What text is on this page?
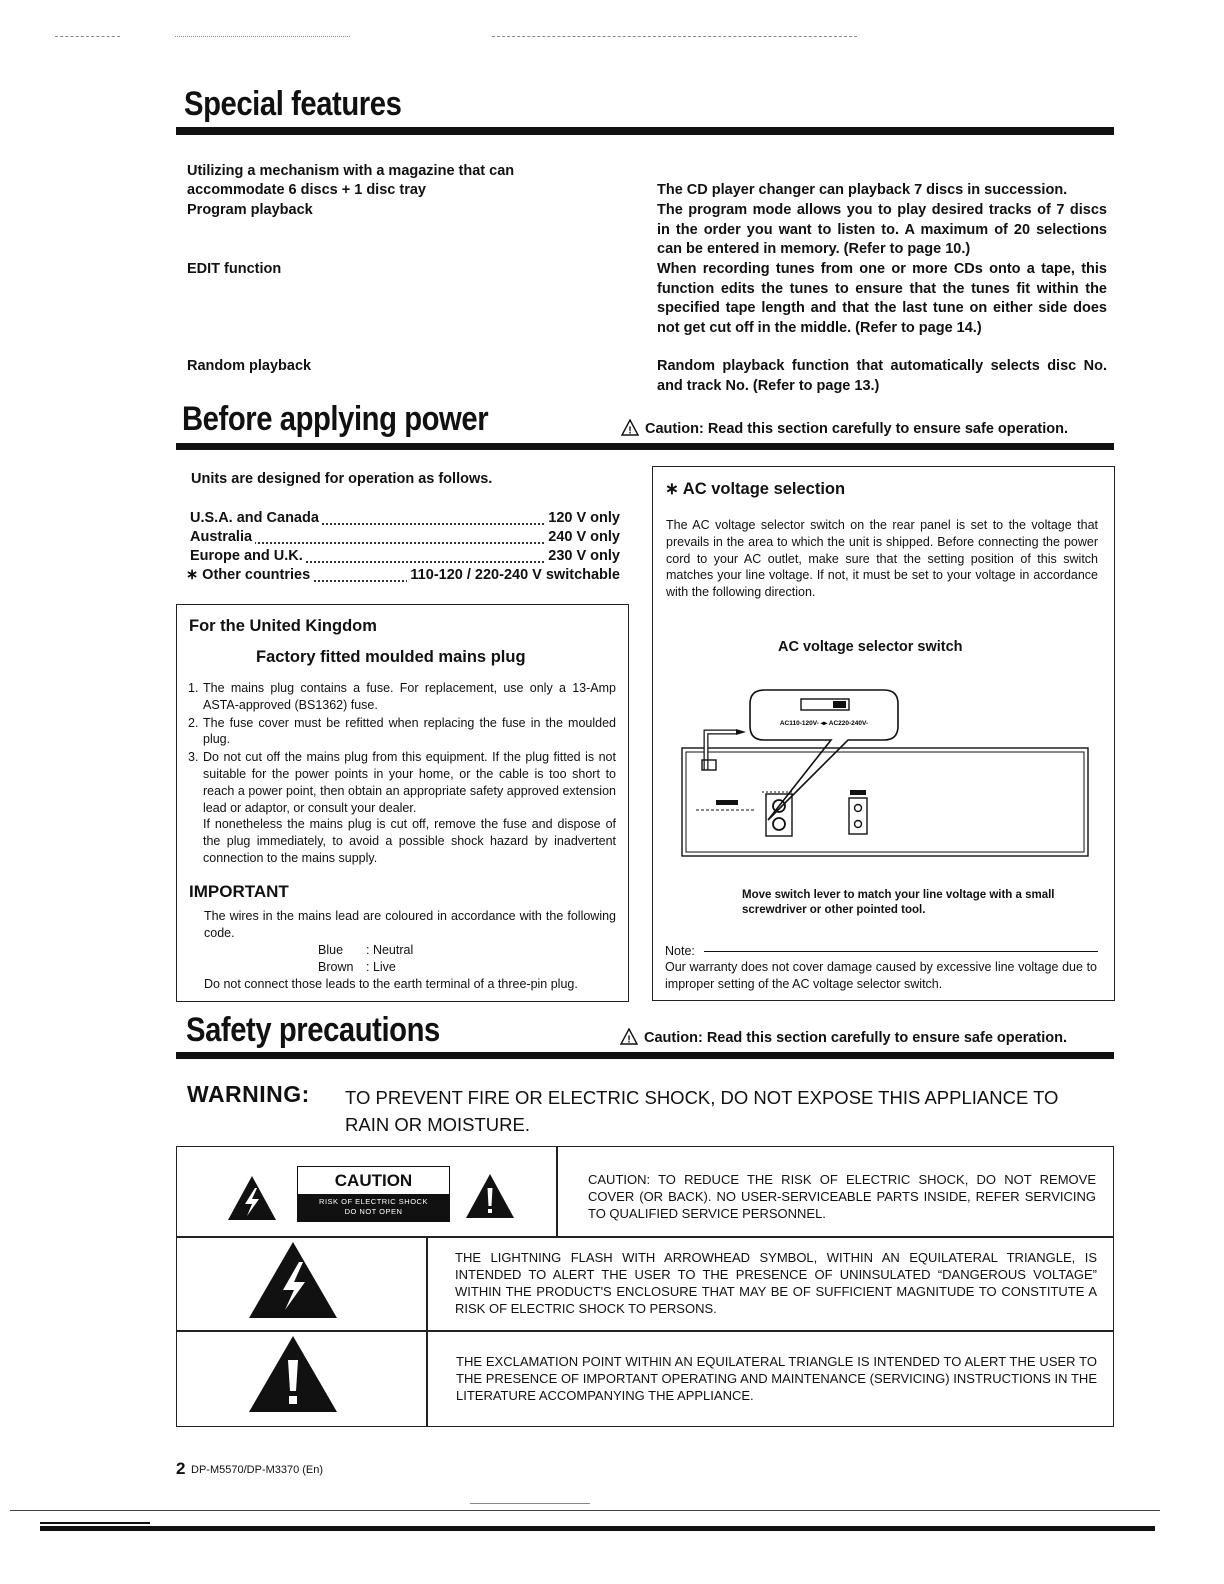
Special features
Utilizing a mechanism with a magazine that can
accommodate 6 discs + 1 disc tray	The CD player changer can playback 7 discs in succession.
Program playback	The program mode allows you to play desired tracks of 7 discs in the order you want to listen to. A maximum of 20 selections can be entered in memory. (Refer to page 10.)
EDIT function	When recording tunes from one or more CDs onto a tape, this function edits the tunes to ensure that the tunes fit within the specified tape length and that the last tune on either side does not get cut off in the middle. (Refer to page 14.)
Random playback	Random playback function that automatically selects disc No. and track No. (Refer to page 13.)
Before applying power	! Caution: Read this section carefully to ensure safe operation.
Units are designed for operation as follows.
U.S.A. and Canada	120 V only
Australia	240 V only
Europe and U.K.	230 V only
∗ Other countries	110-120 / 220-240 V switchable
For the United Kingdom
Factory fitted moulded mains plug
1. The mains plug contains a fuse. For replacement, use only a 13-Amp ASTA-approved (BS1362) fuse.
2. The fuse cover must be refitted when replacing the fuse in the moulded plug.
3. Do not cut off the mains plug from this equipment. If the plug fitted is not suitable for the power points in your home, or the cable is too short to reach a power point, then obtain an appropriate safety approved extension lead or adaptor, or consult your dealer.
If nonetheless the mains plug is cut off, remove the fuse and dispose of the plug immediately, to avoid a possible shock hazard by inadvertent connection to the mains supply.
IMPORTANT
The wires in the mains lead are coloured in accordance with the following code.
Blue : Neutral
Brown : Live
Do not connect those leads to the earth terminal of a three-pin plug.
∗ AC voltage selection
The AC voltage selector switch on the rear panel is set to the voltage that prevails in the area to which the unit is shipped. Before connecting the power cord to your AC outlet, make sure that the setting position of this switch matches your line voltage. If not, it must be set to your voltage in accordance with the following direction.
AC voltage selector switch
AC110-120V- ◂▸ AC220-240V-
Move switch lever to match your line voltage with a small screwdriver or other pointed tool.
Note:
Our warranty does not cover damage caused by excessive line voltage due to improper setting of the AC voltage selector switch.
Safety precautions	! Caution: Read this section carefully to ensure safe operation.
WARNING: TO PREVENT FIRE OR ELECTRIC SHOCK, DO NOT EXPOSE THIS APPLIANCE TO RAIN OR MOISTURE.
CAUTION
RISK OF ELECTRIC SHOCK
DO NOT OPEN
CAUTION: TO REDUCE THE RISK OF ELECTRIC SHOCK, DO NOT REMOVE COVER (OR BACK). NO USER-SERVICEABLE PARTS INSIDE, REFER SERVICING TO QUALIFIED SERVICE PERSONNEL.
THE LIGHTNING FLASH WITH ARROWHEAD SYMBOL, WITHIN AN EQUILATERAL TRIANGLE, IS INTENDED TO ALERT THE USER TO THE PRESENCE OF UNINSULATED “DANGEROUS VOLTAGE” WITHIN THE PRODUCT'S ENCLOSURE THAT MAY BE OF SUFFICIENT MAGNITUDE TO CONSTITUTE A RISK OF ELECTRIC SHOCK TO PERSONS.
THE EXCLAMATION POINT WITHIN AN EQUILATERAL TRIANGLE IS INTENDED TO ALERT THE USER TO THE PRESENCE OF IMPORTANT OPERATING AND MAINTENANCE (SERVICING) INSTRUCTIONS IN THE LITERATURE ACCOMPANYING THE APPLIANCE.
2 DP-M5570/DP-M3370 (En)
